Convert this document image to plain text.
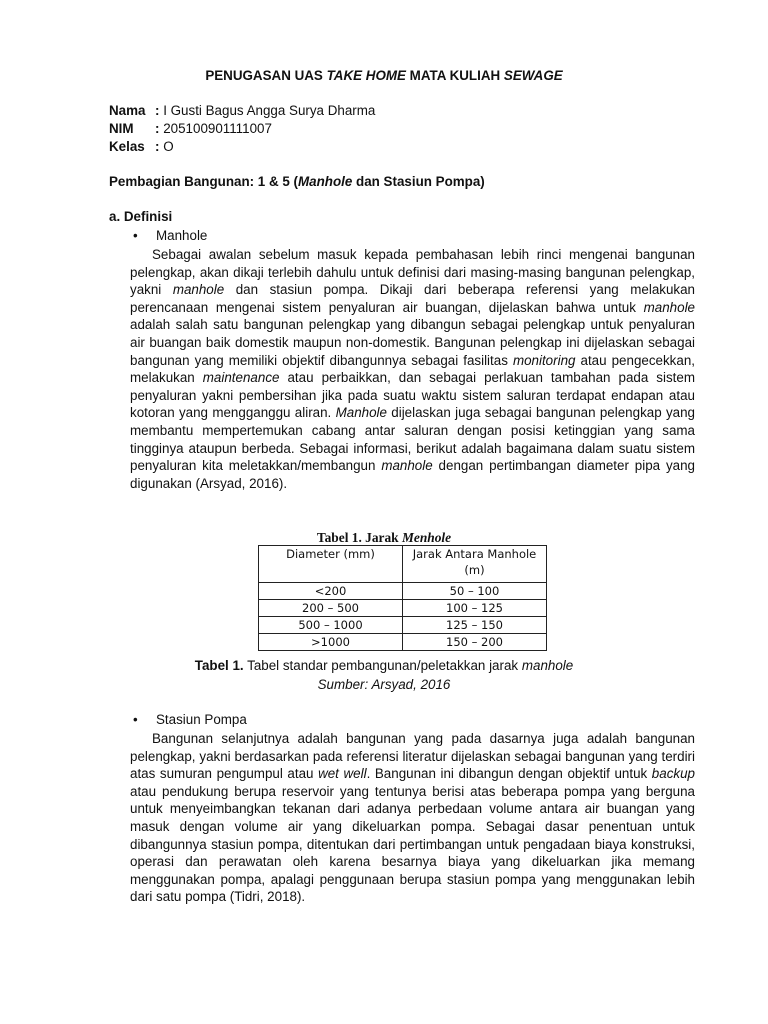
PENUGASAN UAS TAKE HOME MATA KULIAH SEWAGE
Nama : I Gusti Bagus Angga Surya Dharma
NIM : 205100901111007
Kelas : O
Pembagian Bangunan: 1 & 5 (Manhole dan Stasiun Pompa)
a. Definisi
• Manhole

Sebagai awalan sebelum masuk kepada pembahasan lebih rinci mengenai bangunan pelengkap, akan dikaji terlebih dahulu untuk definisi dari masing-masing bangunan pelengkap, yakni manhole dan stasiun pompa. Dikaji dari beberapa referensi yang melakukan perencanaan mengenai sistem penyaluran air buangan, dijelaskan bahwa untuk manhole adalah salah satu bangunan pelengkap yang dibangun sebagai pelengkap untuk penyaluran air buangan baik domestik maupun non-domestik. Bangunan pelengkap ini dijelaskan sebagai bangunan yang memiliki objektif dibangunnya sebagai fasilitas monitoring atau pengecekkan, melakukan maintenance atau perbaikkan, dan sebagai perlakuan tambahan pada sistem penyaluran yakni pembersihan jika pada suatu waktu sistem saluran terdapat endapan atau kotoran yang mengganggu aliran. Manhole dijelaskan juga sebagai bangunan pelengkap yang membantu mempertemukan cabang antar saluran dengan posisi ketinggian yang sama tingginya ataupun berbeda. Sebagai informasi, berikut adalah bagaimana dalam suatu sistem penyaluran kita meletakkan/membangun manhole dengan pertimbangan diameter pipa yang digunakan (Arsyad, 2016).

Tabel 1. Jarak Menhole
Diameter (mm)	Jarak Antara Manhole
(m)
<200	50 – 100
200 – 500	100 – 125
500 – 1000	125 – 150
>1000	150 – 200
Tabel 1. Tabel standar pembangunan/peletakkan jarak manhole
Sumber: Arsyad, 2016
• Stasiun Pompa

Bangunan selanjutnya adalah bangunan yang pada dasarnya juga adalah bangunan pelengkap, yakni berdasarkan pada referensi literatur dijelaskan sebagai bangunan yang terdiri atas sumuran pengumpul atau wet well. Bangunan ini dibangun dengan objektif untuk backup atau pendukung berupa reservoir yang tentunya berisi atas beberapa pompa yang berguna untuk menyeimbangkan tekanan dari adanya perbedaan volume antara air buangan yang masuk dengan volume air yang dikeluarkan pompa. Sebagai dasar penentuan untuk dibangunnya stasiun pompa, ditentukan dari pertimbangan untuk pengadaan biaya konstruksi, operasi dan perawatan oleh karena besarnya biaya yang dikeluarkan jika memang menggunakan pompa, apalagi penggunaan berupa stasiun pompa yang menggunakan lebih dari satu pompa (Tidri, 2018).
